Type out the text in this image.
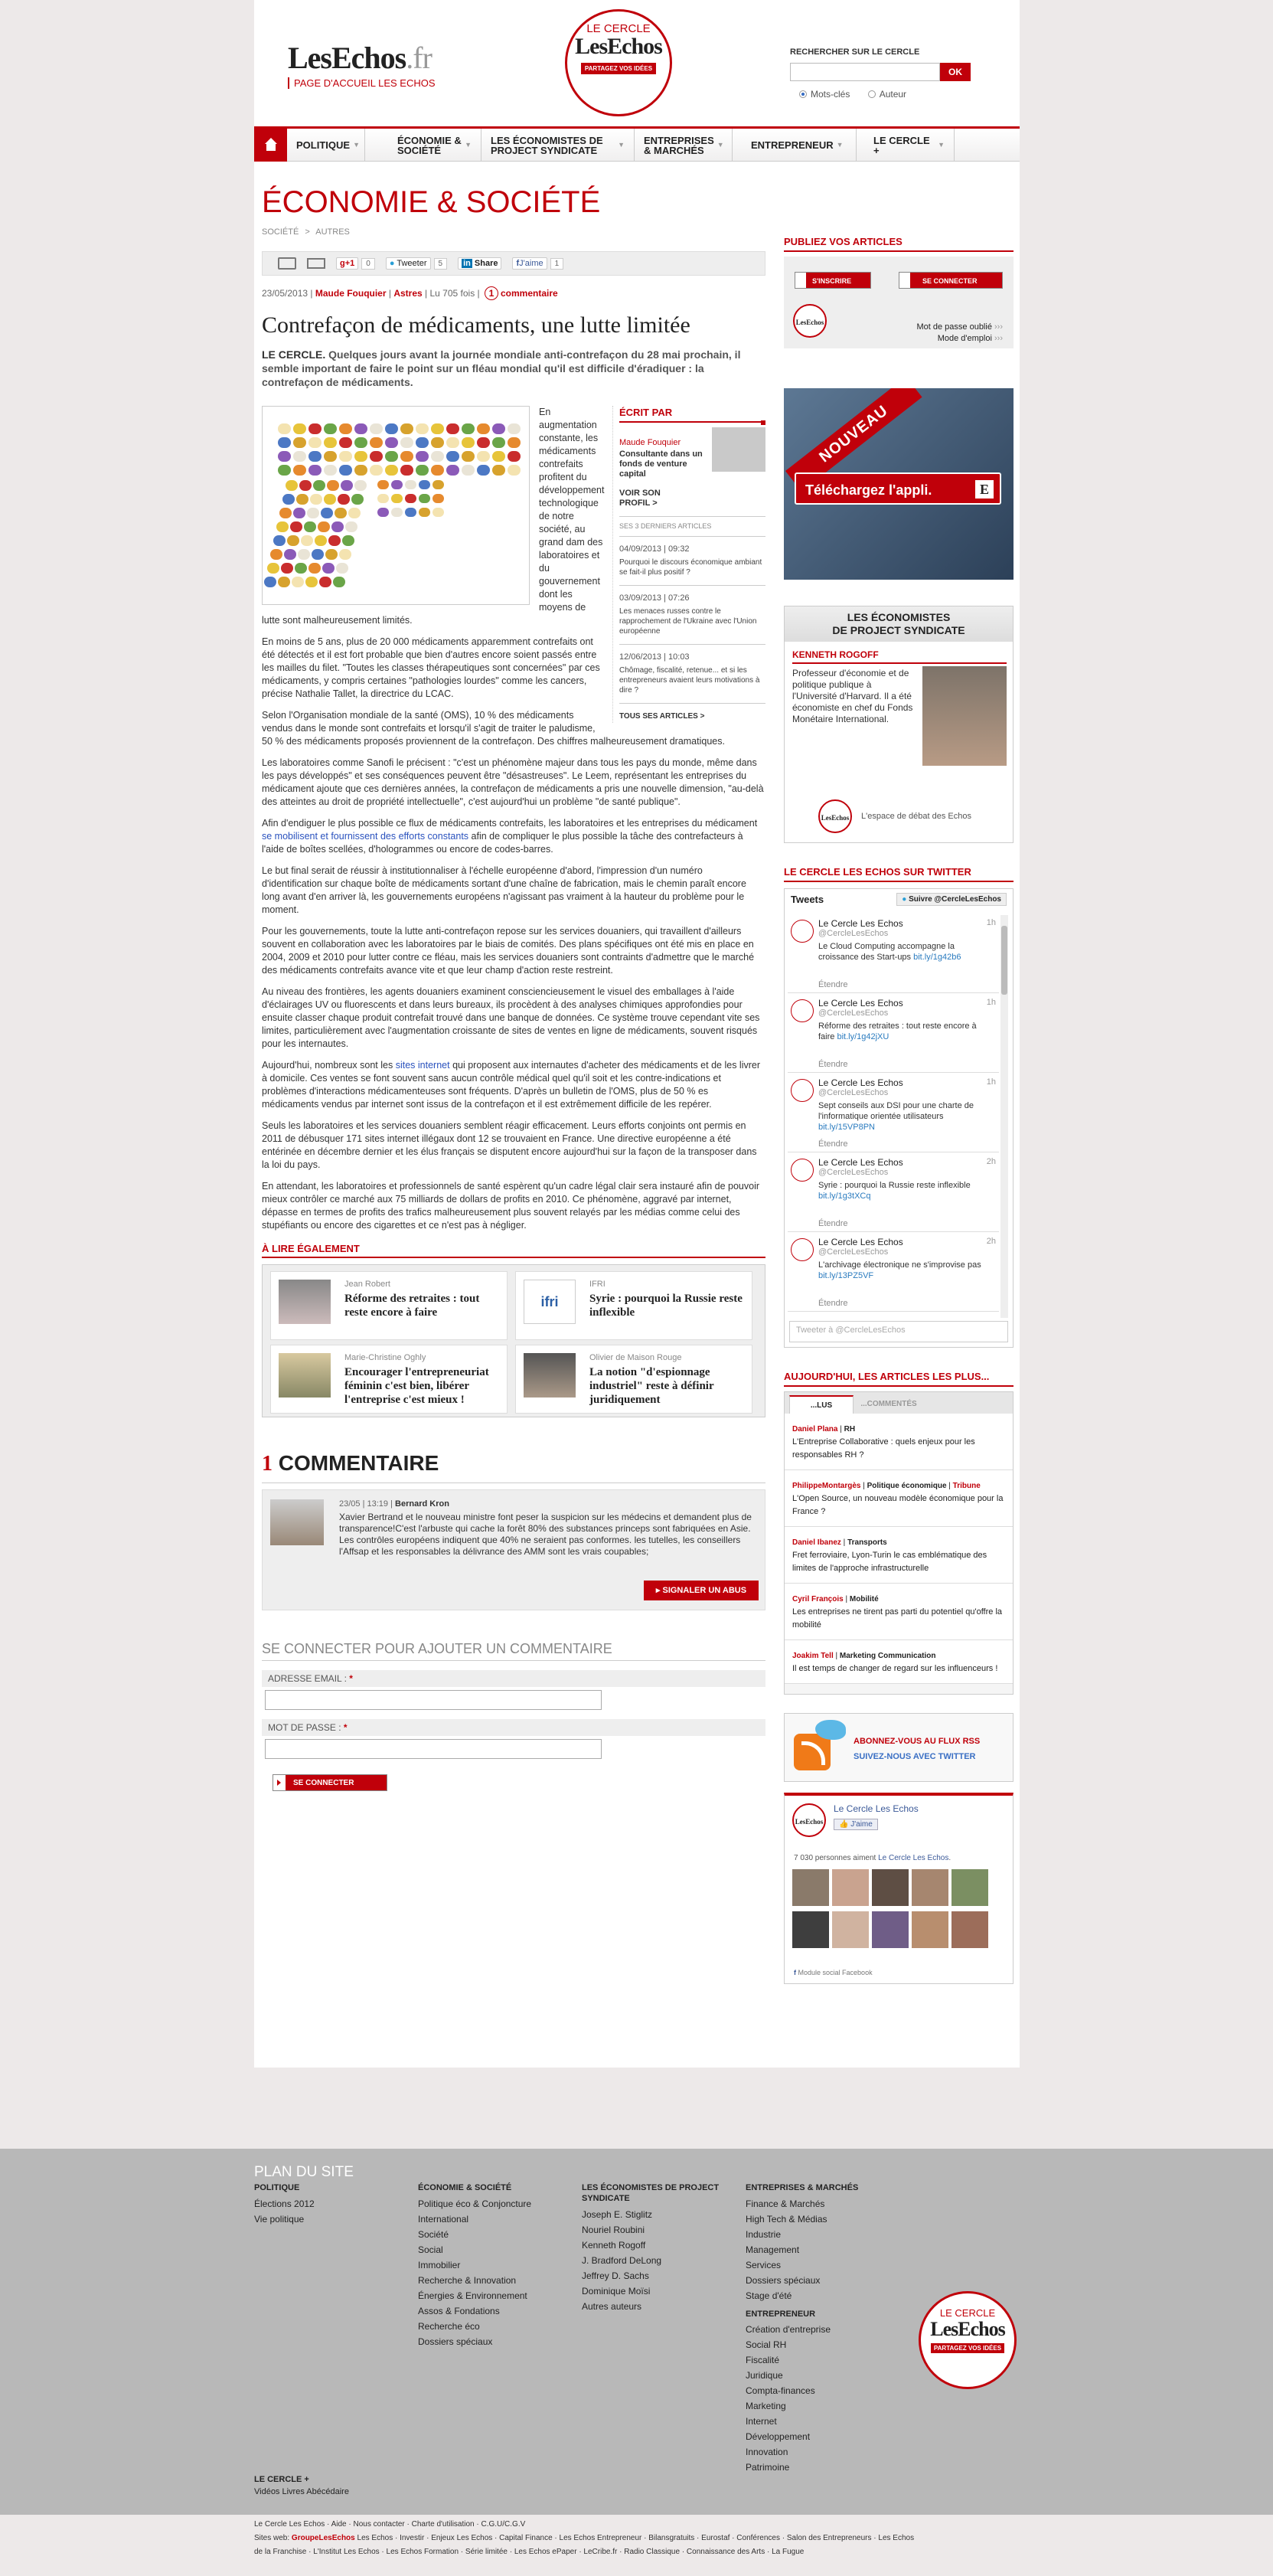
LesEchos.fr
PAGE D'ACCUEIL LES ECHOS
LE CERCLE
LesEchos
PARTAGEZ VOS IDÉES
RECHERCHER SUR LE CERCLE
OK
Mots-clés	Auteur
POLITIQUE ▼	ÉCONOMIE & SOCIÉTÉ	▼ LES ÉCONOMISTES DE PROJECT SYNDICATE	▼ ENTREPRISES & MARCHÉS	▼	ENTREPRENEUR ▼	LE CERCLE +	▼
ÉCONOMIE & SOCIÉTÉ
SOCIÉTÉ > AUTRES
g+1	0	● Tweeter	5	in Share	fJ'aime	1
23/05/2013 | Maude Fouquier | Astres | Lu 705 fois | 1 commentaire
Contrefaçon de médicaments, une lutte limitée
LE CERCLE. Quelques jours avant la journée mondiale anti-contrefaçon du 28 mai prochain, il semble important de faire le point sur un fléau mondial qu'il est difficile d'éradiquer : la contrefaçon de médicaments.
ÉCRIT PAR
Maude Fouquier
Consultante dans un fonds de venture capital
VOIR SON PROFIL >
SES 3 DERNIERS ARTICLES
04/09/2013 | 09:32
Pourquoi le discours économique ambiant se fait-il plus positif ?
03/09/2013 | 07:26
Les menaces russes contre le rapprochement de l'Ukraine avec l'Union européenne
12/06/2013 | 10:03
Chômage, fiscalité, retenue... et si les entrepreneurs avaient leurs motivations à dire ?
TOUS SES ARTICLES >

En augmentation constante, les médicaments contrefaits profitent du développement technologique de notre société, au grand dam des laboratoires et du gouvernement dont les moyens de lutte sont malheureusement limités.

En moins de 5 ans, plus de 20 000 médicaments apparemment contrefaits ont été détectés et il est fort probable que bien d'autres encore soient passés entre les mailles du filet. "Toutes les classes thérapeutiques sont concernées" par ces médicaments, y compris certaines "pathologies lourdes" comme les cancers, précise Nathalie Tallet, la directrice du LCAC.

Selon l'Organisation mondiale de la santé (OMS), 10 % des médicaments vendus dans le monde sont contrefaits et lorsqu'il s'agit de traiter le paludisme, 50 % des médicaments proposés proviennent de la contrefaçon. Des chiffres malheureusement dramatiques.

Les laboratoires comme Sanofi le précisent : "c'est un phénomène majeur dans tous les pays du monde, même dans les pays développés" et ses conséquences peuvent être "désastreuses". Le Leem, représentant les entreprises du médicament ajoute que ces dernières années, la contrefaçon de médicaments a pris une nouvelle dimension, "au-delà des atteintes au droit de propriété intellectuelle", c'est aujourd'hui un problème "de santé publique".

Afin d'endiguer le plus possible ce flux de médicaments contrefaits, les laboratoires et les entreprises du médicament se mobilisent et fournissent des efforts constants afin de compliquer le plus possible la tâche des contrefacteurs à l'aide de boîtes scellées, d'hologrammes ou encore de codes-barres.

Le but final serait de réussir à institutionnaliser à l'échelle européenne d'abord, l'impression d'un numéro d'identification sur chaque boîte de médicaments sortant d'une chaîne de fabrication, mais le chemin paraît encore long avant d'en arriver là, les gouvernements européens n'agissant pas vraiment à la hauteur du problème pour le moment.

Pour les gouvernements, toute la lutte anti-contrefaçon repose sur les services douaniers, qui travaillent d'ailleurs souvent en collaboration avec les laboratoires par le biais de comités. Des plans spécifiques ont été mis en place en 2004, 2009 et 2010 pour lutter contre ce fléau, mais les services douaniers sont contraints d'admettre que le marché des médicaments contrefaits avance vite et que leur champ d'action reste restreint.

Au niveau des frontières, les agents douaniers examinent consciencieusement le visuel des emballages à l'aide d'éclairages UV ou fluorescents et dans leurs bureaux, ils procèdent à des analyses chimiques approfondies pour ensuite classer chaque produit contrefait trouvé dans une banque de données. Ce système trouve cependant vite ses limites, particulièrement avec l'augmentation croissante de sites de ventes en ligne de médicaments, souvent risqués pour les internautes.

Aujourd'hui, nombreux sont les sites internet qui proposent aux internautes d'acheter des médicaments et de les livrer à domicile. Ces ventes se font souvent sans aucun contrôle médical quel qu'il soit et les contre-indications et problèmes d'interactions médicamenteuses sont fréquents. D'après un bulletin de l'OMS, plus de 50 % es médicaments vendus par internet sont issus de la contrefaçon et il est extrêmement difficile de les repérer.

Seuls les laboratoires et les services douaniers semblent réagir efficacement. Leurs efforts conjoints ont permis en 2011 de débusquer 171 sites internet illégaux dont 12 se trouvaient en France. Une directive européenne a été entérinée en décembre dernier et les élus français se disputent encore aujourd'hui sur la façon de la transposer dans la loi du pays.

En attendant, les laboratoires et professionnels de santé espèrent qu'un cadre légal clair sera instauré afin de pouvoir mieux contrôler ce marché aux 75 milliards de dollars de profits en 2010. Ce phénomène, aggravé par internet, dépasse en termes de profits des trafics malheureusement plus souvent relayés par les médias comme celui des stupéfiants ou encore des cigarettes et ce n'est pas à négliger.

À LIRE ÉGALEMENT
Jean Robert
Réforme des retraites : tout reste encore à faire
ifri
IFRI
Syrie : pourquoi la Russie reste inflexible
Marie-Christine Oghly
Encourager l'entrepreneuriat féminin c'est bien, libérer l'entreprise c'est mieux !
Olivier de Maison Rouge
La notion "d'espionnage industriel" reste à définir juridiquement
1 COMMENTAIRE
23/05 | 13:19 | Bernard Kron
Xavier Bertrand et le nouveau ministre font peser la suspicion sur les médecins et demandent plus de transparence!C'est l'arbuste qui cache la forêt 80% des substances princeps sont fabriquées en Asie. Les contrôles européens indiquent que 40% ne seraient pas conformes. les tutelles, les conseillers l'Affsap et les responsables la délivrance des AMM sont les vrais coupables;
▸ SIGNALER UN ABUS
SE CONNECTER POUR AJOUTER UN COMMENTAIRE
ADRESSE EMAIL : *
MOT DE PASSE : *
SE CONNECTER
PUBLIEZ VOS ARTICLES
S'INSCRIRE	SE CONNECTER
LesEchos	Mot de passe oublié ›››
Mode d'emploi ›››
NOUVEAU
Téléchargez l'appli.	E
LES ÉCONOMISTES
DE PROJECT SYNDICATE
KENNETH ROGOFF
Professeur d'économie et de politique publique à l'Université d'Harvard. Il a été économiste en chef du Fonds Monétaire International.
LesEchos	L'espace de débat des Echos
LE CERCLE LES ECHOS SUR TWITTER
Tweets	● Suivre @CercleLesEchos
Le Cercle Les Echos
@CercleLesEchos
1h
Le Cloud Computing accompagne la croissance des Start-ups bit.ly/1g42b6
Étendre
Le Cercle Les Echos
@CercleLesEchos
1h
Réforme des retraites : tout reste encore à faire bit.ly/1g42jXU
Étendre
Le Cercle Les Echos
@CercleLesEchos
1h
Sept conseils aux DSI pour une charte de l'informatique orientée utilisateurs bit.ly/15VP8PN
Étendre
Le Cercle Les Echos
@CercleLesEchos
2h
Syrie : pourquoi la Russie reste inflexible bit.ly/1g3tXCq
Étendre
Le Cercle Les Echos
@CercleLesEchos
2h
L'archivage électronique ne s'improvise pas bit.ly/13PZ5VF
Étendre
Tweeter à @CercleLesEchos
AUJOURD'HUI, LES ARTICLES LES PLUS...
...LUS	...COMMENTÉS
Daniel Plana | RH
L'Entreprise Collaborative : quels enjeux pour les responsables RH ?
PhilippeMontargès | Politique économique | Tribune
L'Open Source, un nouveau modèle économique pour la France ?
Daniel Ibanez | Transports
Fret ferroviaire, Lyon-Turin le cas emblématique des limites de l'approche infrastructurelle
Cyril François | Mobilité
Les entreprises ne tirent pas parti du potentiel qu'offre la mobilité
Joakim Tell | Marketing Communication
Il est temps de changer de regard sur les influenceurs !
ABONNEZ-VOUS AU FLUX RSS
SUIVEZ-NOUS AVEC TWITTER
LesEchos
Le Cercle Les Echos
👍 J'aime
7 030 personnes aiment Le Cercle Les Echos.
f Module social Facebook
PLAN DU SITE
POLITIQUE
Élections 2012
Vie politique
ÉCONOMIE & SOCIÉTÉ
Politique éco & Conjoncture
International
Société
Social
Immobilier
Recherche & Innovation
Énergies & Environnement
Assos & Fondations
Recherche éco
Dossiers spéciaux
LES ÉCONOMISTES DE PROJECT SYNDICATE
Joseph E. Stiglitz
Nouriel Roubini
Kenneth Rogoff
J. Bradford DeLong
Jeffrey D. Sachs
Dominique Moïsi
Autres auteurs
ENTREPRISES & MARCHÉS
Finance & Marchés
High Tech & Médias
Industrie
Management
Services
Dossiers spéciaux
Stage d'été
ENTREPRENEUR
Création d'entreprise
Social RH
Fiscalité
Juridique
Compta-finances
Marketing
Internet
Développement
Innovation
Patrimoine
LE CERCLE
LesEchos
PARTAGEZ VOS IDÉES
LE CERCLE +
Vidéos Livres Abécédaire
Le Cercle Les Echos · Aide · Nous contacter · Charte d'utilisation · C.G.U/C.G.V
Sites web: GroupeLesEchos Les Echos · Investir · Enjeux Les Echos · Capital Finance · Les Echos Entrepreneur · Bilansgratuits · Eurostaf · Conférences · Salon des Entrepreneurs · Les Echos
de la Franchise · L'Institut Les Echos · Les Echos Formation · Série limitée · Les Echos ePaper · LeCribe.fr · Radio Classique · Connaissance des Arts · La Fugue
